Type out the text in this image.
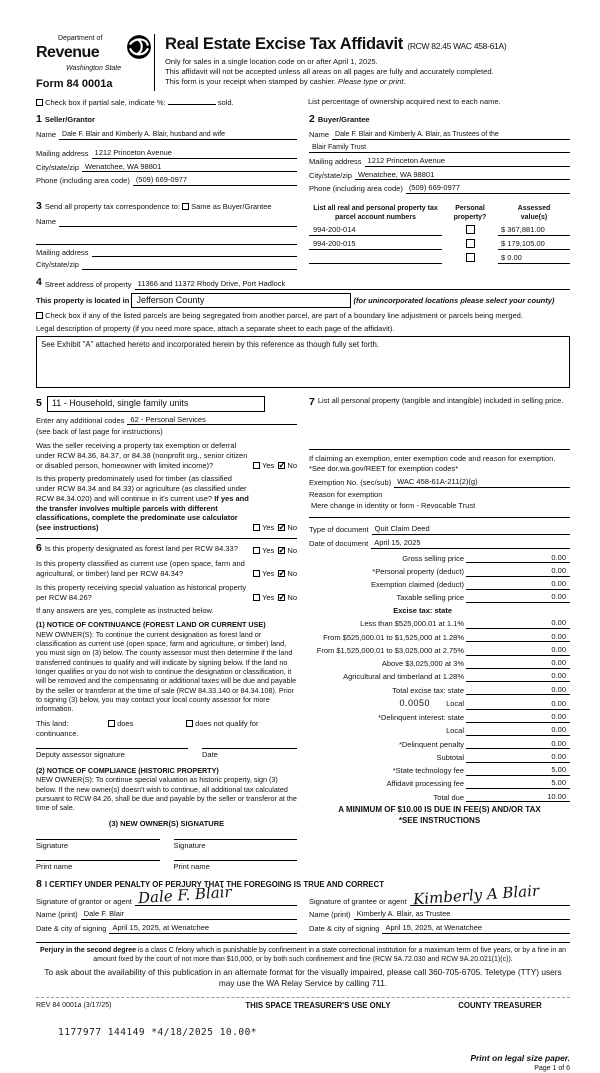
Department of
Revenue
Washington State
Form 84 0001a
Real Estate Excise Tax Affidavit (RCW 82.45 WAC 458-61A)
Only for sales in a single location code on or after April 1, 2025.
This affidavit will not be accepted unless all areas on all pages are fully and accurately completed.
This form is your receipt when stamped by cashier. Please type or print.
Check box if partial sale, indicate %:	sold.	List percentage of ownership acquired next to each name.
1 Seller/Grantor
Name Dale F. Blair and Kimberly A. Blair, husband and wife
Mailing address 1212 Princeton Avenue
City/state/zip Wenatchee, WA 98801
Phone (including area code) (509) 669-0977
2 Buyer/Grantee
Name Dale F. Blair and Kimberly A. Blair, as Trustees of the
Blair Family Trust
Mailing address 1212 Princeton Avenue
City/state/zip Wenatchee, WA 98801
Phone (including area code) (509) 669-0977
3 Send all property tax correspondence to: Same as Buyer/Grantee
Name
Mailing address
City/state/zip
List all real and personal property tax
parcel account numbers
Personal
property?
Assessed
value(s)
994-200-014	$ 367,881.00
994-200-015	$ 179,105.00
$ 0.00
4 Street address of property 11366 and 11372 Rhody Drive, Port Hadlock
This property is located in Jefferson County	(for unincorporated locations please select your county)
Check box if any of the listed parcels are being segregated from another parcel, are part of a boundary line adjustment or parcels being merged.
Legal description of property (if you need more space, attach a separate sheet to each page of the affidavit).
See Exhibit "A" attached hereto and incorporated herein by this reference as though fully set forth.
5 11 - Household, single family units
Enter any additional codes 62 - Personal Services
(see back of last page for instructions)
Was the seller receiving a property tax exemption or deferral under RCW 84.36, 84.37, or 84.38 (nonprofit org., senior citizen or disabled person, homeowner with limited income)?	Yes ✓ No
Is this property predominately used for timber (as classified under RCW 84.34 and 84.33) or agriculture (as classified under RCW 84.34.020) and will continue in it's current use? If yes and the transfer involves multiple parcels with different classifications, complete the predominate use calculator (see instructions)	Yes ✓ No
6 Is this property designated as forest land per RCW 84.33?	Yes ✓ No
Is this property classified as current use (open space, farm and agricultural, or timber) land per RCW 84.34?	Yes ✓ No
Is this property receiving special valuation as historical property per RCW 84.26?	Yes ✓ No
If any answers are yes, complete as instructed below.
(1) NOTICE OF CONTINUANCE (FOREST LAND OR CURRENT USE)
NEW OWNER(S): To continue the current designation as forest land or classification as current use (open space, farm and agriculture, or timber) land, you must sign on (3) below. The county assessor must then determine if the land transferred continues to qualify and will indicate by signing below. If the land no longer qualifies or you do not wish to continue the designation or classification, it will be removed and the compensating or additional taxes will be due and payable by the seller or transferor at the time of sale (RCW 84.33.140 or 84.34.108). Prior to signing (3) below, you may contact your local county assessor for more information.
This land:	does	does not qualify for
continuance.
Deputy assessor signature	Date
(2) NOTICE OF COMPLIANCE (HISTORIC PROPERTY)
NEW OWNER(S): To continue special valuation as historic property, sign (3) below. If the new owner(s) doesn't wish to continue, all additional tax calculated pursuant to RCW 84.26, shall be due and payable by the seller or transferor at the time of sale.
(3) NEW OWNER(S) SIGNATURE
Signature	Signature
Print name	Print name
7 List all personal property (tangible and intangible) included in selling price.
If claiming an exemption, enter exemption code and reason for exemption. *See dor.wa.gov/REET for exemption codes*
Exemption No. (sec/sub) WAC 458-61A-211(2)(g)
Reason for exemption
Mere change in identity or form - Revocable Trust
Type of document Quit Claim Deed
Date of document April 15, 2025
Gross selling price	0.00
*Personal property (deduct)	0.00
Exemption claimed (deduct)	0.00
Taxable selling price	0.00
Excise tax: state
Less than $525,000.01 at 1.1%	0.00
From $525,000.01 to $1,525,000 at 1.28%	0.00
From $1,525,000.01 to $3,025,000 at 2.75%	0.00
Above $3,025,000 at 3%	0.00
Agricultural and timberland at 1.28%	0.00
Total excise tax: state	0.00
0.0050 Local	0.00
*Delinquent interest: state	0.00
Local	0.00
*Delinquent penalty	0.00
Subtotal	0.00
*State technology fee	5.00
Affidavit processing fee	5.00
Total due	10.00
A MINIMUM OF $10.00 IS DUE IN FEE(S) AND/OR TAX
*SEE INSTRUCTIONS
8 I CERTIFY UNDER PENALTY OF PERJURY THAT THE FOREGOING IS TRUE AND CORRECT
Signature of grantor or agent Dale F. Blair
Name (print) Dale F. Blair
Date & city of signing April 15, 2025, at Wenatchee
Signature of grantee or agent Kimberly A Blair
Name (print) Kimberly A. Blair, as Trustee
Date & city of signing April 15, 2025, at Wenatchee
Perjury in the second degree is a class C felony which is punishable by confinement in a state correctional institution for a maximum term of five years, or by a fine in an amount fixed by the court of not more than $10,000, or by both such confinement and fine (RCW 9A.72.030 and RCW 9A.20.021(1)(c)).
To ask about the availability of this publication in an alternate format for the visually impaired, please call 360-705-6705. Teletype (TTY) users may use the WA Relay Service by calling 711.
REV 84 0001a (3/17/25)	THIS SPACE TREASURER'S USE ONLY	COUNTY TREASURER
1177977 144149 *4/18/2025 10.00*
Print on legal size paper.
Page 1 of 6
